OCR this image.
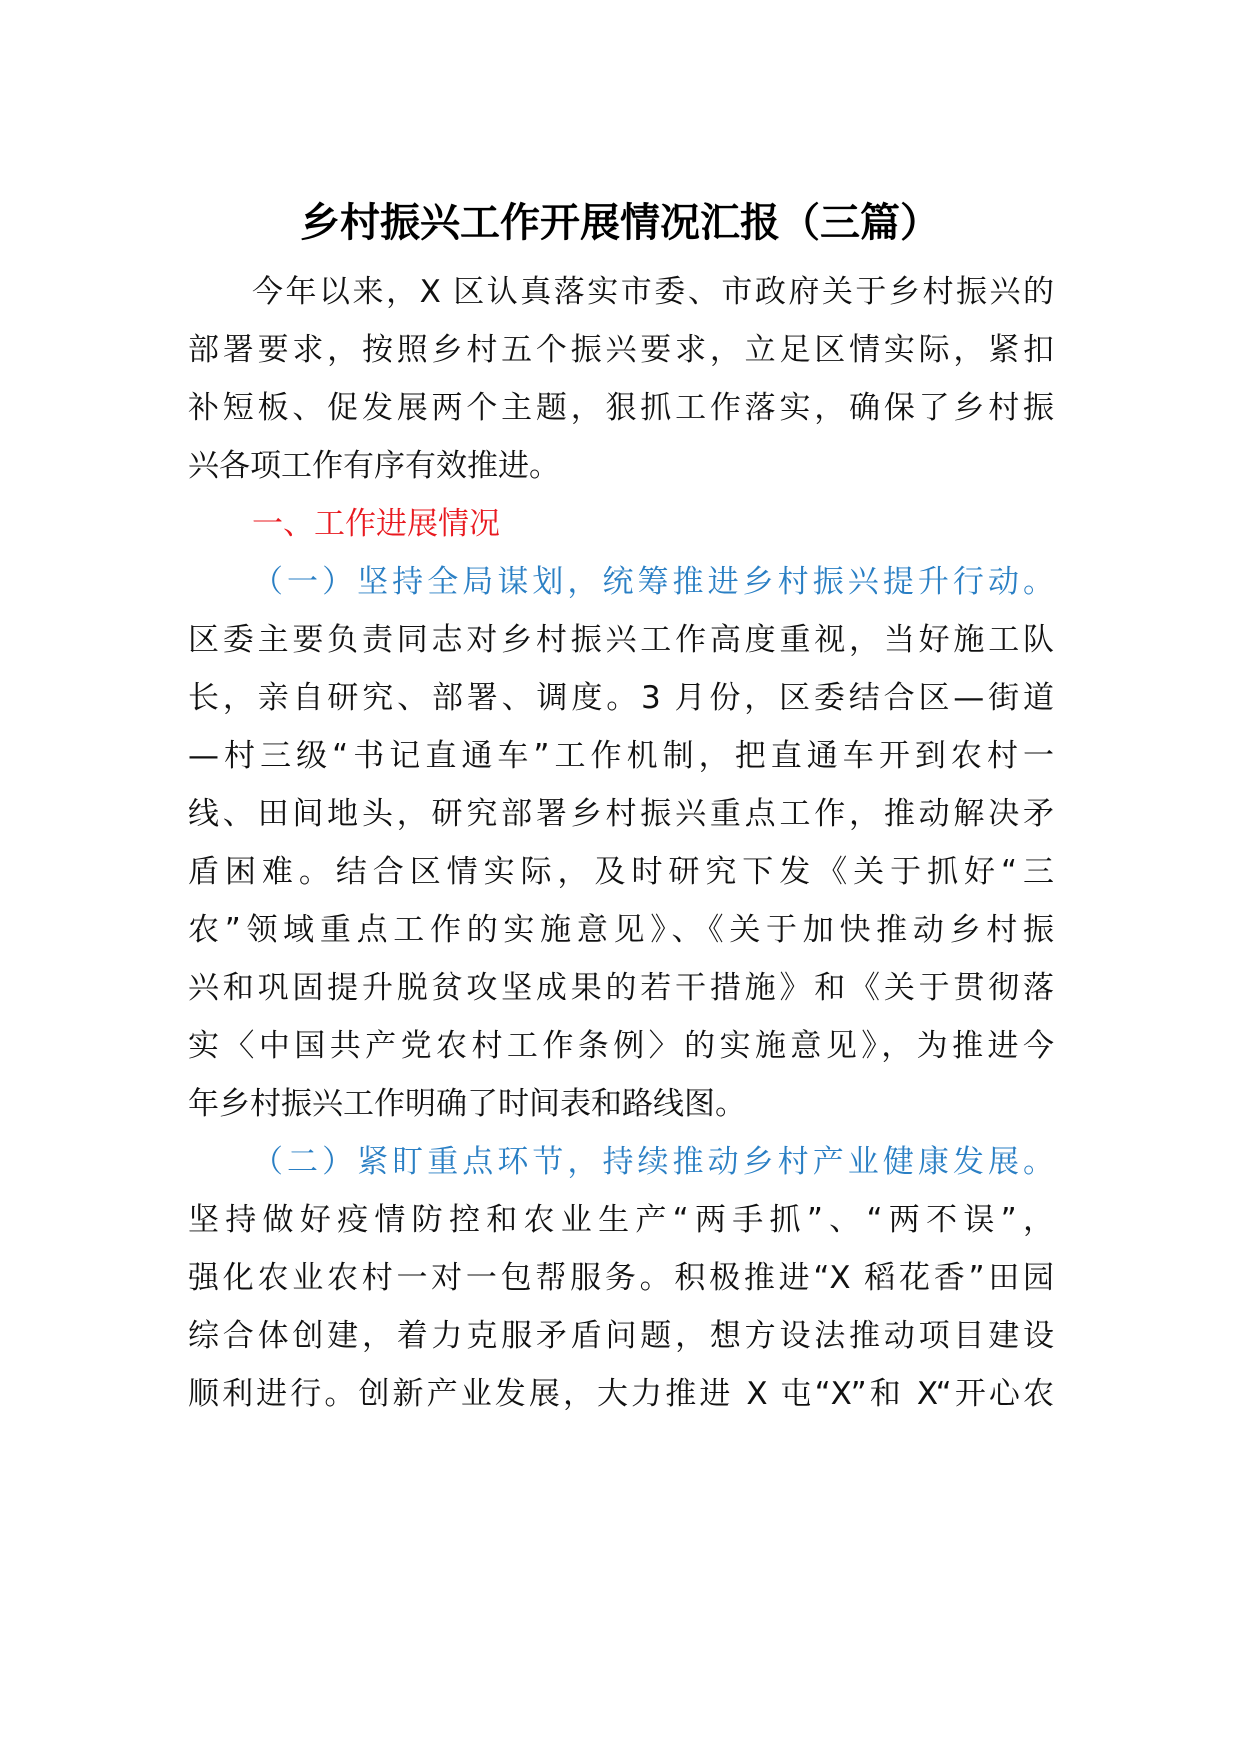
乡村振兴工作开展情况汇报（三篇）

今年以来，X 区认真落实市委、市政府关于乡村振兴的

部署要求，按照乡村五个振兴要求，立足区情实际，紧扣

补短板、促发展两个主题，狠抓工作落实，确保了乡村振

兴各项工作有序有效推进。

一、工作进展情况

（一）坚持全局谋划，统筹推进乡村振兴提升行动。

区委主要负责同志对乡村振兴工作高度重视，当好施工队

长，亲自研究、部署、调度。3 月份，区委结合区—街道

—村三级“书记直通车”工作机制，把直通车开到农村一

线、田间地头，研究部署乡村振兴重点工作，推动解决矛

盾困难。结合区情实际，及时研究下发《关于抓好“三

农”领域重点工作的实施意见》、《关于加快推动乡村振

兴和巩固提升脱贫攻坚成果的若干措施》和《关于贯彻落

实〈中国共产党农村工作条例〉的实施意见》，为推进今

年乡村振兴工作明确了时间表和路线图。

（二）紧盯重点环节，持续推动乡村产业健康发展。

坚持做好疫情防控和农业生产“两手抓”、“两不误”，

强化农业农村一对一包帮服务。积极推进“X 稻花香”田园

综合体创建，着力克服矛盾问题，想方设法推动项目建设

顺利进行。创新产业发展，大力推进 X 屯“X”和 X“开心农
